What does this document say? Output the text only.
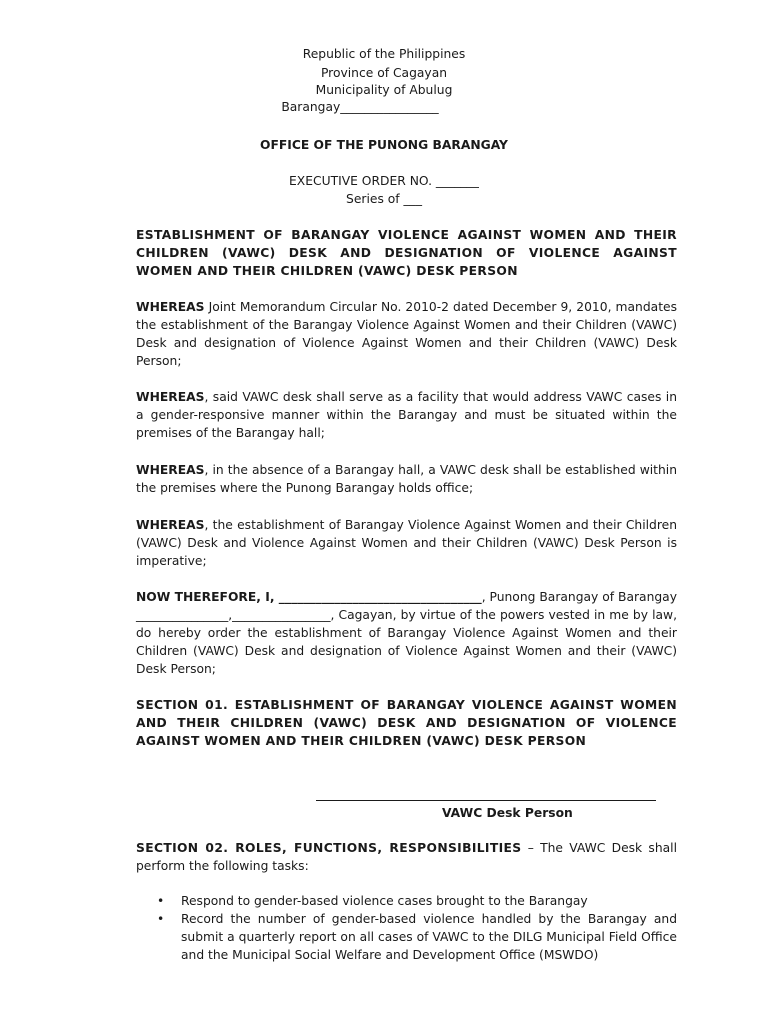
Republic of the Philippines
Province of Cagayan
Municipality of Abulug
Barangay________________
OFFICE OF THE PUNONG BARANGAY
EXECUTIVE ORDER NO. _______
Series of ___
ESTABLISHMENT OF BARANGAY VIOLENCE AGAINST WOMEN AND THEIR CHILDREN (VAWC) DESK AND DESIGNATION OF VIOLENCE AGAINST WOMEN AND THEIR CHILDREN (VAWC) DESK PERSON
WHEREAS Joint Memorandum Circular No. 2010-2 dated December 9, 2010, mandates the establishment of the Barangay Violence Against Women and their Children (VAWC) Desk and designation of Violence Against Women and their Children (VAWC) Desk Person;
WHEREAS, said VAWC desk shall serve as a facility that would address VAWC cases in a gender-responsive manner within the Barangay and must be situated within the premises of the Barangay hall;
WHEREAS, in the absence of a Barangay hall, a VAWC desk shall be established within the premises where the Punong Barangay holds office;
WHEREAS, the establishment of Barangay Violence Against Women and their Children (VAWC) Desk and Violence Against Women and their Children (VAWC) Desk Person is imperative;
NOW THEREFORE, I, _________________________________, Punong Barangay of Barangay _______________,________________, Cagayan, by virtue of the powers vested in me by law, do hereby order the establishment of Barangay Violence Against Women and their Children (VAWC) Desk and designation of Violence Against Women and their (VAWC) Desk Person;
SECTION 01. ESTABLISHMENT OF BARANGAY VIOLENCE AGAINST WOMEN AND THEIR CHILDREN (VAWC) DESK AND DESIGNATION OF VIOLENCE AGAINST WOMEN AND THEIR CHILDREN (VAWC) DESK PERSON
VAWC Desk Person
SECTION 02. ROLES, FUNCTIONS, RESPONSIBILITIES – The VAWC Desk shall perform the following tasks:
• Respond to gender-based violence cases brought to the Barangay
• Record the number of gender-based violence handled by the Barangay and submit a quarterly report on all cases of VAWC to the DILG Municipal Field Office and the Municipal Social Welfare and Development Office (MSWDO)
